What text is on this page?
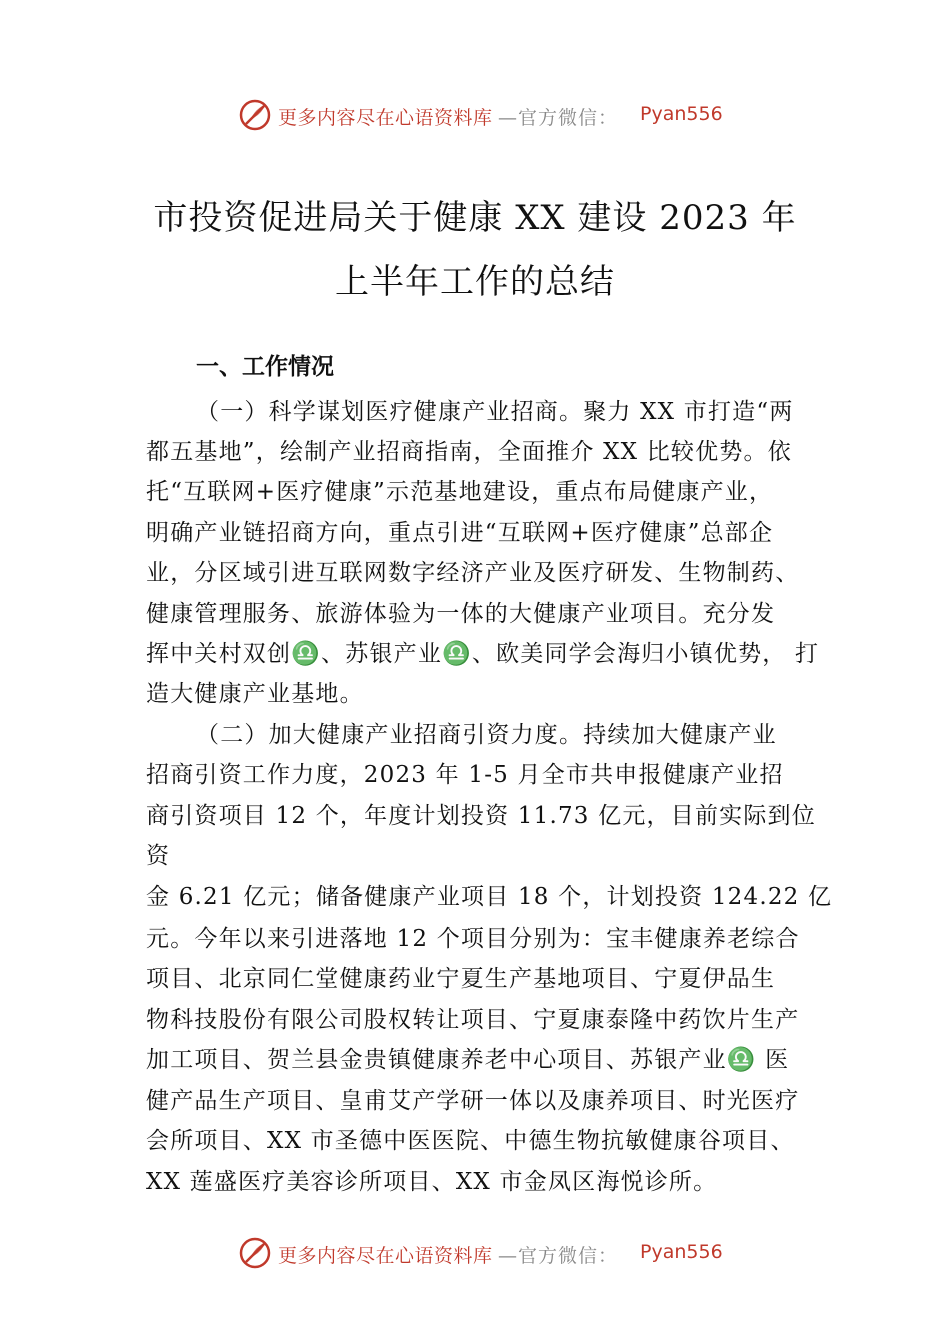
更多内容尽在心语资料库 —官方微信： Pyan556
市投资促进局关于健康 XX 建设 2023 年
上半年工作的总结
一、工作情况
（一）科学谋划医疗健康产业招商。聚力 XX 市打造“两
都五基地”，绘制产业招商指南，全面推介 XX 比较优势。依
托“互联网+医疗健康”示范基地建设，重点布局健康产业，
明确产业链招商方向，重点引进“互联网+医疗健康”总部企
业，分区域引进互联网数字经济产业及医疗研发、生物制药、
健康管理服务、旅游体验为一体的大健康产业项目。充分发
挥中关村双创♎、苏银产业♎、欧美同学会海归小镇优势， 打
造大健康产业基地。
（二）加大健康产业招商引资力度。持续加大健康产业
招商引资工作力度，2023 年 1-5 月全市共申报健康产业招
商引资项目 12 个，年度计划投资 11.73 亿元，目前实际到位
资
金 6.21 亿元；储备健康产业项目 18 个，计划投资 124.22 亿
元。今年以来引进落地 12 个项目分别为：宝丰健康养老综合
项目、北京同仁堂健康药业宁夏生产基地项目、宁夏伊品生
物科技股份有限公司股权转让项目、宁夏康泰隆中药饮片生产
加工项目、贺兰县金贵镇健康养老中心项目、苏银产业♎ 医
健产品生产项目、皇甫艾产学研一体以及康养项目、时光医疗
会所项目、XX 市圣德中医医院、中德生物抗敏健康谷项目、
XX 莲盛医疗美容诊所项目、XX 市金凤区海悦诊所。
更多内容尽在心语资料库 —官方微信： Pyan556
